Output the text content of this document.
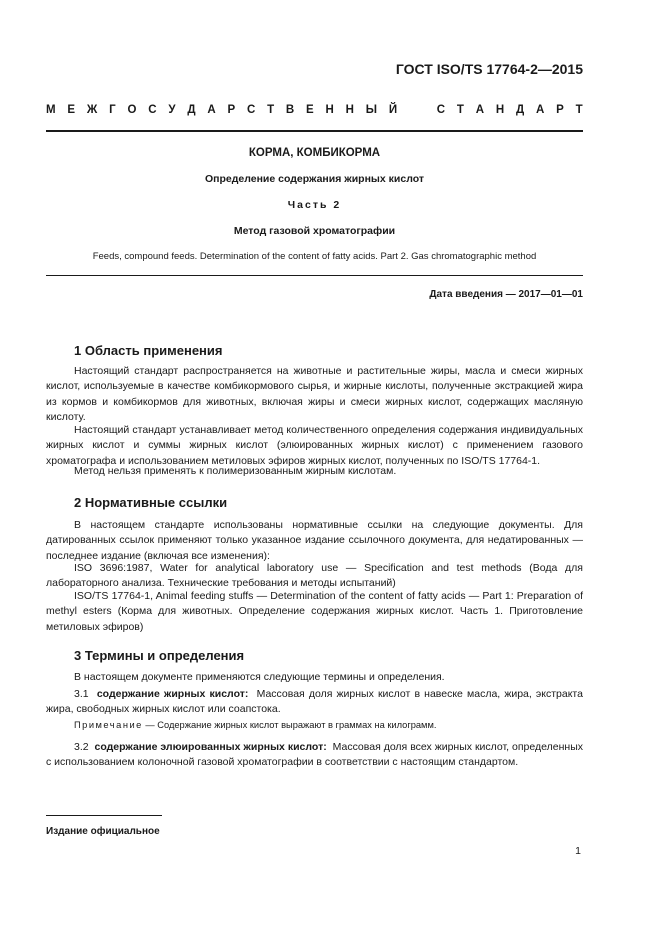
ГОСТ ISO/TS 17764-2—2015
М Е Ж Г О С У Д А Р С Т В Е Н Н Ы Й	С Т А Н Д А Р Т
КОРМА, КОМБИКОРМА
Определение содержания жирных кислот
Часть 2
Метод газовой хроматографии
Feeds, compound feeds. Determination of the content of fatty acids. Part 2. Gas chromatographic method
Дата введения — 2017—01—01
1 Область применения

Настоящий стандарт распространяется на животные и растительные жиры, масла и смеси жирных кислот, используемые в качестве комбикормового сырья, и жирные кислоты, полученные экстракцией жира из кормов и комбикормов для животных, включая жиры и смеси жирных кислот, содержащих масляную кислоту.

Настоящий стандарт устанавливает метод количественного определения содержания индивидуальных жирных кислот и суммы жирных кислот (элюированных жирных кислот) с применением газового хроматографа и использованием метиловых эфиров жирных кислот, полученных по ISO/TS 17764-1.

Метод нельзя применять к полимеризованным жирным кислотам.

2 Нормативные ссылки

В настоящем стандарте использованы нормативные ссылки на следующие документы. Для датированных ссылок применяют только указанное издание ссылочного документа, для недатированных — последнее издание (включая все изменения):

ISO 3696:1987, Water for analytical laboratory use — Specification and test methods (Вода для лабораторного анализа. Технические требования и методы испытаний)

ISO/TS 17764-1, Animal feeding stuffs — Determination of the content of fatty acids — Part 1: Preparation of methyl esters (Корма для животных. Определение содержания жирных кислот. Часть 1. Приготовление метиловых эфиров)

3 Термины и определения

В настоящем документе применяются следующие термины и определения.

3.1 содержание жирных кислот: Массовая доля жирных кислот в навеске масла, жира, экстракта жира, свободных жирных кислот или соапстока.

Примечание — Содержание жирных кислот выражают в граммах на килограмм.

3.2 содержание элюированных жирных кислот: Массовая доля всех жирных кислот, определенных с использованием колоночной газовой хроматографии в соответствии с настоящим стандартом.

Издание официальное
1
